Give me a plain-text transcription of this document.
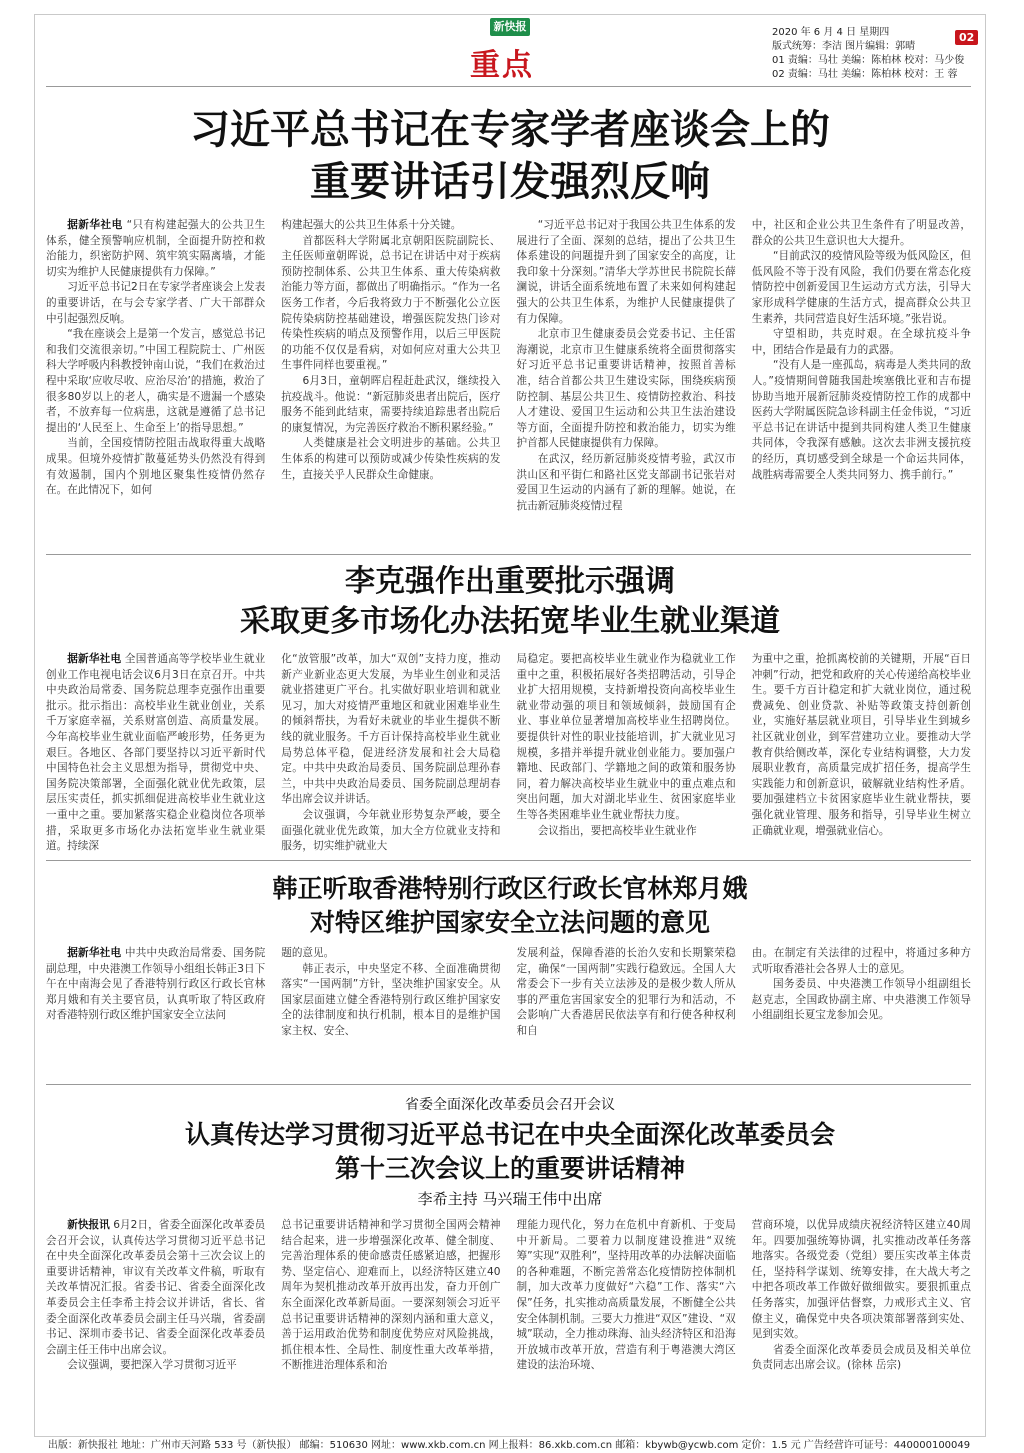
新快报
重点
02
2020 年 6 月 4 日 星期四
版式统筹：李洁 图片编辑：郭晴
01 责编：马壮 美编：陈柏林 校对：马少俊
02 责编：马壮 美编：陈柏林 校对：王 蓉
习近平总书记在专家学者座谈会上的
重要讲话引发强烈反响

据新华社电 “只有构建起强大的公共卫生体系，健全预警响应机制，全面提升防控和救治能力，织密防护网、筑牢筑实隔离墙，才能切实为维护人民健康提供有力保障。”

习近平总书记2日在专家学者座谈会上发表的重要讲话，在与会专家学者、广大干部群众中引起强烈反响。

“我在座谈会上是第一个发言，感觉总书记和我们交流很亲切。”中国工程院院士、广州医科大学呼吸内科教授钟南山说，“我们在救治过程中采取‘应收尽收、应治尽治’的措施，救治了很多80岁以上的老人，确实是不遗漏一个感染者，不放弃每一位病患，这就是遵循了总书记提出的‘人民至上、生命至上’的指导思想。”

当前，全国疫情防控阻击战取得重大战略成果。但境外疫情扩散蔓延势头仍然没有得到有效遏制，国内个别地区聚集性疫情仍然存在。在此情况下，如何

构建起强大的公共卫生体系十分关键。

首都医科大学附属北京朝阳医院副院长、主任医师童朝晖说，总书记在讲话中对于疾病预防控制体系、公共卫生体系、重大传染病救治能力等方面，都做出了明确指示。“作为一名医务工作者，今后我将致力于不断强化公立医院传染病防控基础建设，增强医院发热门诊对传染性疾病的哨点及预警作用，以后三甲医院的功能不仅仅是看病，对如何应对重大公共卫生事件同样也要重视。”

6月3日，童朝晖启程赶赴武汉，继续投入抗疫战斗。他说：“新冠肺炎患者出院后，医疗服务不能到此结束，需要持续追踪患者出院后的康复情况，为完善医疗救治不断积累经验。”

人类健康是社会文明进步的基础。公共卫生体系的构建可以预防或减少传染性疾病的发生，直接关乎人民群众生命健康。

“习近平总书记对于我国公共卫生体系的发展进行了全面、深刻的总结，提出了公共卫生体系建设的问题提升到了国家安全的高度，让我印象十分深刻。”清华大学苏世民书院院长薛澜说，讲话全面系统地布置了未来如何构建起强大的公共卫生体系，为维护人民健康提供了有力保障。

北京市卫生健康委员会党委书记、主任雷海潮说，北京市卫生健康系统将全面贯彻落实好习近平总书记重要讲话精神，按照首善标准，结合首都公共卫生建设实际，围绕疾病预防控制、基层公共卫生、疫情防控救治、科技人才建设、爱国卫生运动和公共卫生法治建设等方面，全面提升防控和救治能力，切实为维护首都人民健康提供有力保障。

在武汉，经历新冠肺炎疫情考验，武汉市洪山区和平街仁和路社区党支部副书记张岩对爱国卫生运动的内涵有了新的理解。她说，在抗击新冠肺炎疫情过程

中，社区和企业公共卫生条件有了明显改善，群众的公共卫生意识也大大提升。

“目前武汉的疫情风险等级为低风险区，但低风险不等于没有风险，我们仍要在常态化疫情防控中创新爱国卫生运动方式方法，引导大家形成科学健康的生活方式，提高群众公共卫生素养，共同营造良好生活环境。”张岩说。

守望相助，共克时艰。在全球抗疫斗争中，团结合作是最有力的武器。

“没有人是一座孤岛，病毒是人类共同的敌人。”疫情期间曾随我国赴埃塞俄比亚和吉布提协助当地开展新冠肺炎疫情防控工作的成都中医药大学附属医院急诊科副主任金伟说，“习近平总书记在讲话中提到共同构建人类卫生健康共同体，令我深有感触。这次去非洲支援抗疫的经历，真切感受到全球是一个命运共同体，战胜病毒需要全人类共同努力、携手前行。”

李克强作出重要批示强调
采取更多市场化办法拓宽毕业生就业渠道

据新华社电 全国普通高等学校毕业生就业创业工作电视电话会议6月3日在京召开。中共中央政治局常委、国务院总理李克强作出重要批示。批示指出：高校毕业生就业创业，关系千万家庭幸福，关系财富创造、高质量发展。今年高校毕业生就业面临严峻形势，任务更为艰巨。各地区、各部门要坚持以习近平新时代中国特色社会主义思想为指导，贯彻党中央、国务院决策部署，全面强化就业优先政策，层层压实责任，抓实抓细促进高校毕业生就业这一重中之重。要加紧落实稳企业稳岗位各项举措，采取更多市场化办法拓宽毕业生就业渠道。持续深

化“放管服”改革，加大“双创”支持力度，推动新产业新业态更大发展，为毕业生创业和灵活就业搭建更广平台。扎实做好职业培训和就业见习，加大对疫情严重地区和就业困难毕业生的倾斜帮扶，为看好未就业的毕业生提供不断线的就业服务。千方百计保持高校毕业生就业局势总体平稳，促进经济发展和社会大局稳定。中共中央政治局委员、国务院副总理孙春兰，中共中央政治局委员、国务院副总理胡春华出席会议并讲话。

会议强调，今年就业形势复杂严峻，要全面强化就业优先政策，加大全方位就业支持和服务，切实维护就业大

局稳定。要把高校毕业生就业作为稳就业工作重中之重，积极拓展好各类招聘活动，引导企业扩大招用规模，支持新增投资向高校毕业生就业带动强的项目和领域倾斜，鼓励国有企业、事业单位显著增加高校毕业生招聘岗位。要提供针对性的职业技能培训，扩大就业见习规模，多措并举提升就业创业能力。要加强户籍地、民政部门、学籍地之间的政策和服务协同，着力解决高校毕业生就业中的重点难点和突出问题，加大对湖北毕业生、贫困家庭毕业生等各类困难毕业生就业帮扶力度。

会议指出，要把高校毕业生就业作

为重中之重，抢抓离校前的关键期，开展“百日冲刺”行动，把党和政府的关心传递给高校毕业生。要千方百计稳定和扩大就业岗位，通过税费减免、创业贷款、补贴等政策支持创新创业，实施好基层就业项目，引导毕业生到城乡社区就业创业，到军营建功立业。要推动大学教育供给侧改革，深化专业结构调整，大力发展职业教育，高质量完成扩招任务，提高学生实践能力和创新意识，破解就业结构性矛盾。要加强建档立卡贫困家庭毕业生就业帮扶，要强化就业管理、服务和指导，引导毕业生树立正确就业观，增强就业信心。

韩正听取香港特别行政区行政长官林郑月娥
对特区维护国家安全立法问题的意见

据新华社电 中共中央政治局常委、国务院副总理，中央港澳工作领导小组组长韩正3日下午在中南海会见了香港特别行政区行政长官林郑月娥和有关主要官员，认真听取了特区政府对香港特别行政区维护国家安全立法问

题的意见。

韩正表示，中央坚定不移、全面准确贯彻落实“一国两制”方针，坚决维护国家安全。从国家层面建立健全香港特别行政区维护国家安全的法律制度和执行机制，根本目的是维护国家主权、安全、

发展利益，保障香港的长治久安和长期繁荣稳定，确保“一国两制”实践行稳致远。全国人大常委会下一步有关立法涉及的是极少数人所从事的严重危害国家安全的犯罪行为和活动，不会影响广大香港居民依法享有和行使各种权利和自

由。在制定有关法律的过程中，将通过多种方式听取香港社会各界人士的意见。

国务委员、中央港澳工作领导小组副组长赵克志，全国政协副主席、中央港澳工作领导小组副组长夏宝龙参加会见。

省委全面深化改革委员会召开会议
认真传达学习贯彻习近平总书记在中央全面深化改革委员会
第十三次会议上的重要讲话精神
李希主持 马兴瑞王伟中出席

新快报讯 6月2日，省委全面深化改革委员会召开会议，认真传达学习贯彻习近平总书记在中央全面深化改革委员会第十三次会议上的重要讲话精神，审议有关改革文件稿，听取有关改革情况汇报。省委书记、省委全面深化改革委员会主任李希主持会议并讲话，省长、省委全面深化改革委员会副主任马兴瑞，省委副书记、深圳市委书记、省委全面深化改革委员会副主任王伟中出席会议。

会议强调，要把深入学习贯彻习近平

总书记重要讲话精神和学习贯彻全国两会精神结合起来，进一步增强深化改革、健全制度、完善治理体系的使命感责任感紧迫感，把握形势、坚定信心、迎难而上，以经济特区建立40周年为契机推动改革开放再出发，奋力开创广东全面深化改革新局面。一要深刻领会习近平总书记重要讲话精神的深刻内涵和重大意义，善于运用政治优势和制度优势应对风险挑战，抓住根本性、全局性、制度性重大改革举措，不断推进治理体系和治

理能力现代化，努力在危机中育新机、于变局中开新局。二要着力以制度建设推进“双统筹”实现“双胜利”，坚持用改革的办法解决面临的各种难题，不断完善常态化疫情防控体制机制，加大改革力度做好“六稳”工作、落实“六保”任务，扎实推动高质量发展，不断健全公共安全体制机制。三要大力推进“双区”建设、“双城”联动，全力推动珠海、汕头经济特区和沿海开放城市改革开放，营造有利于粤港澳大湾区建设的法治环境、

营商环境，以优异成绩庆祝经济特区建立40周年。四要加强统筹协调，扎实推动改革任务落地落实。各级党委（党组）要压实改革主体责任，坚持科学谋划、统筹安排，在大战大考之中把各项改革工作做好做细做实。要狠抓重点任务落实，加强评估督察，力戒形式主义、官僚主义，确保党中央各项决策部署落到实处、见到实效。

省委全面深化改革委员会成员及相关单位负责同志出席会议。(徐林 岳宗)

出版：新快报社 地址：广州市天河路 533 号（新快报） 邮编：510630 网址：www.xkb.com.cn 网上报料：86.xkb.com.cn 邮箱：kbywb@ycwb.com 定价：1.5 元 广告经营许可证号：440000100049
